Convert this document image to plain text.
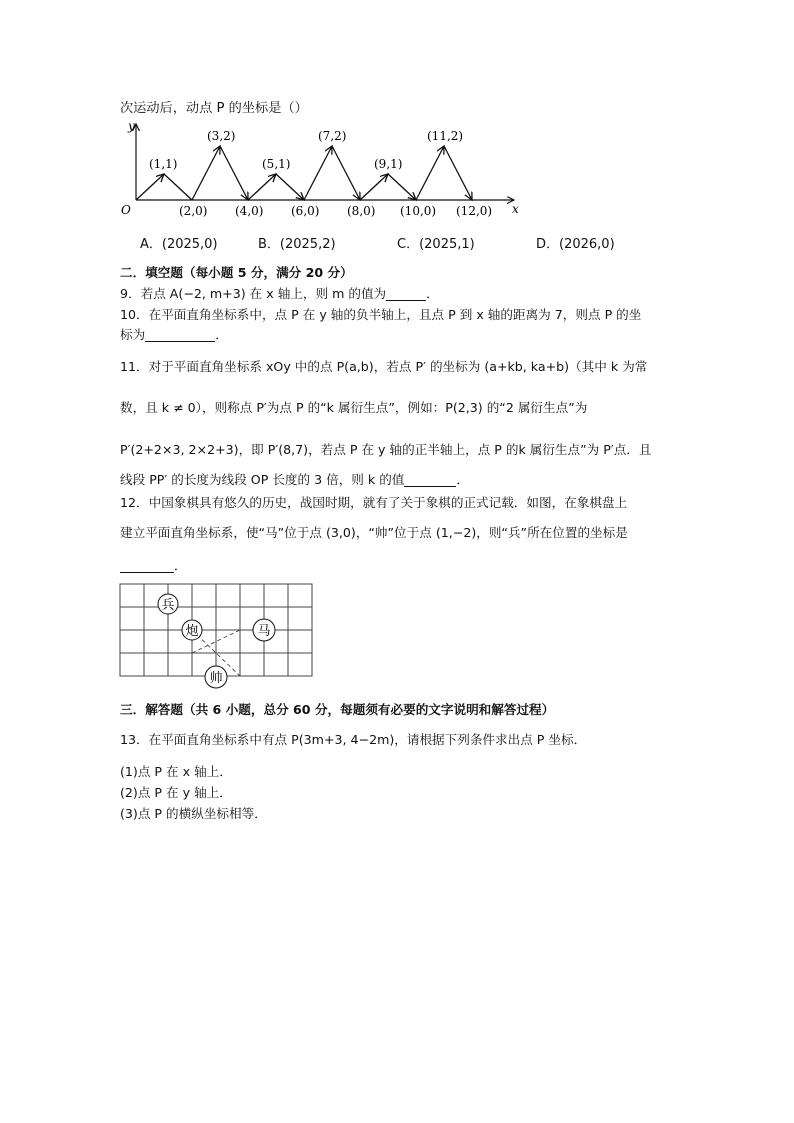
次运动后，动点 P 的坐标是（）
y
x
O
(1,1)
(3,2)
(5,1)
(7,2)
(9,1)
(11,2)
(2,0) (4,0) (6,0) (8,0) (10,0) (12,0)
A．(2025,0)	B．(2025,2)	C．(2025,1)	D．(2026,0)
二．填空题（每小题 5 分，满分 20 分）
9．若点 A(−2, m+3) 在 x 轴上，则 m 的值为	．
10．在平面直角坐标系中，点 P 在 y 轴的负半轴上，且点 P 到 x 轴的距离为 7，则点 P 的坐
标为	．
11．对于平面直角坐标系 xOy 中的点 P(a,b)，若点 P′ 的坐标为 (a+kb, ka+b)（其中 k 为常
数，且 k ≠ 0），则称点 P′为点 P 的“k 属衍生点”，例如：P(2,3) 的“2 属衍生点”为
P′(2+2×3, 2×2+3)，即 P′(8,7)，若点 P 在 y 轴的正半轴上，点 P 的k 属衍生点”为 P′点．且
线段 PP′ 的长度为线段 OP 长度的 3 倍，则 k 的值	．
12．中国象棋具有悠久的历史，战国时期，就有了关于象棋的正式记载．如图，在象棋盘上
建立平面直角坐标系，使“马”位于点 (3,0)，“帅”位于点 (1,−2)，则“兵”所在位置的坐标是
．
兵
炮	马
帅
三．解答题（共 6 小题，总分 60 分，每题须有必要的文字说明和解答过程）
13．在平面直角坐标系中有点 P(3m+3, 4−2m)，请根据下列条件求出点 P 坐标．
(1)点 P 在 x 轴上．
(2)点 P 在 y 轴上．
(3)点 P 的横纵坐标相等．
